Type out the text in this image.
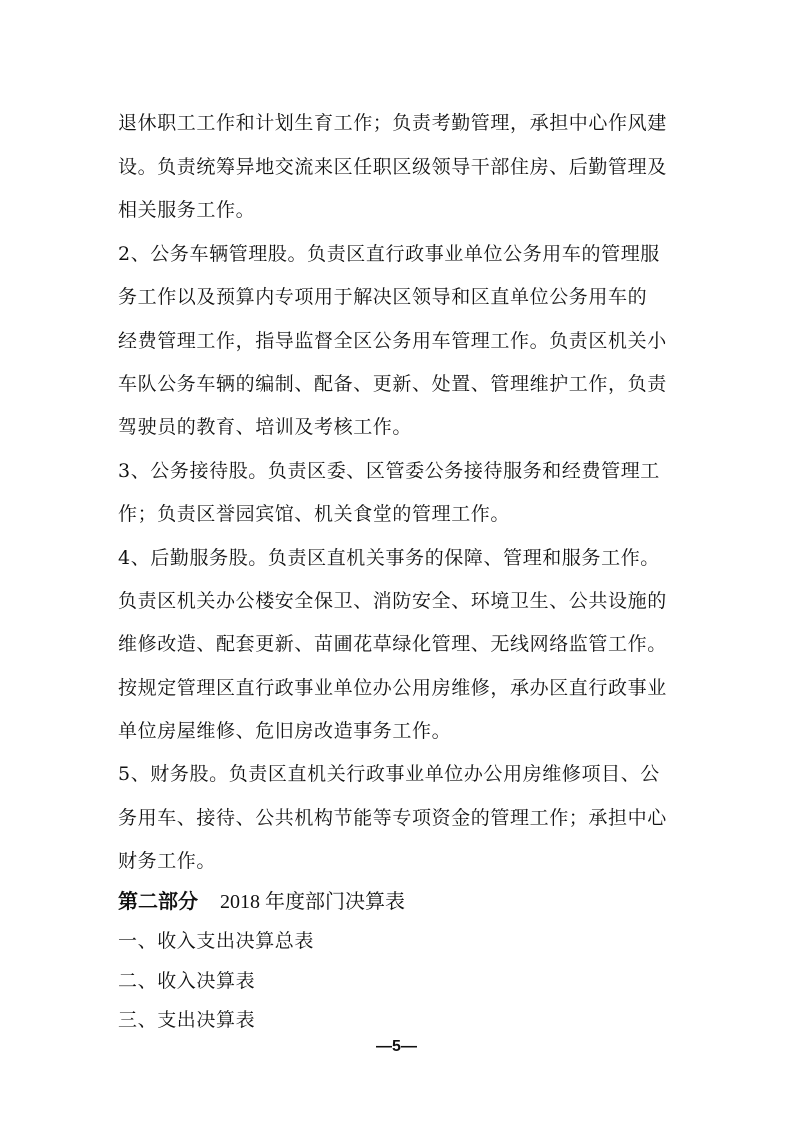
退休职工工作和计划生育工作；负责考勤管理，承担中心作风建
设。负责统筹异地交流来区任职区级领导干部住房、后勤管理及
相关服务工作。
2、公务车辆管理股。负责区直行政事业单位公务用车的管理服
务工作以及预算内专项用于解决区领导和区直单位公务用车的
经费管理工作，指导监督全区公务用车管理工作。负责区机关小
车队公务车辆的编制、配备、更新、处置、管理维护工作，负责
驾驶员的教育、培训及考核工作。
3、公务接待股。负责区委、区管委公务接待服务和经费管理工
作；负责区誉园宾馆、机关食堂的管理工作。
4、后勤服务股。负责区直机关事务的保障、管理和服务工作。
负责区机关办公楼安全保卫、消防安全、环境卫生、公共设施的
维修改造、配套更新、苗圃花草绿化管理、无线网络监管工作。
按规定管理区直行政事业单位办公用房维修，承办区直行政事业
单位房屋维修、危旧房改造事务工作。
5、财务股。负责区直机关行政事业单位办公用房维修项目、公
务用车、接待、公共机构节能等专项资金的管理工作；承担中心
财务工作。
第二部分 2018 年度部门决算表
一、收入支出决算总表
二、收入决算表
三、支出决算表
—5—
